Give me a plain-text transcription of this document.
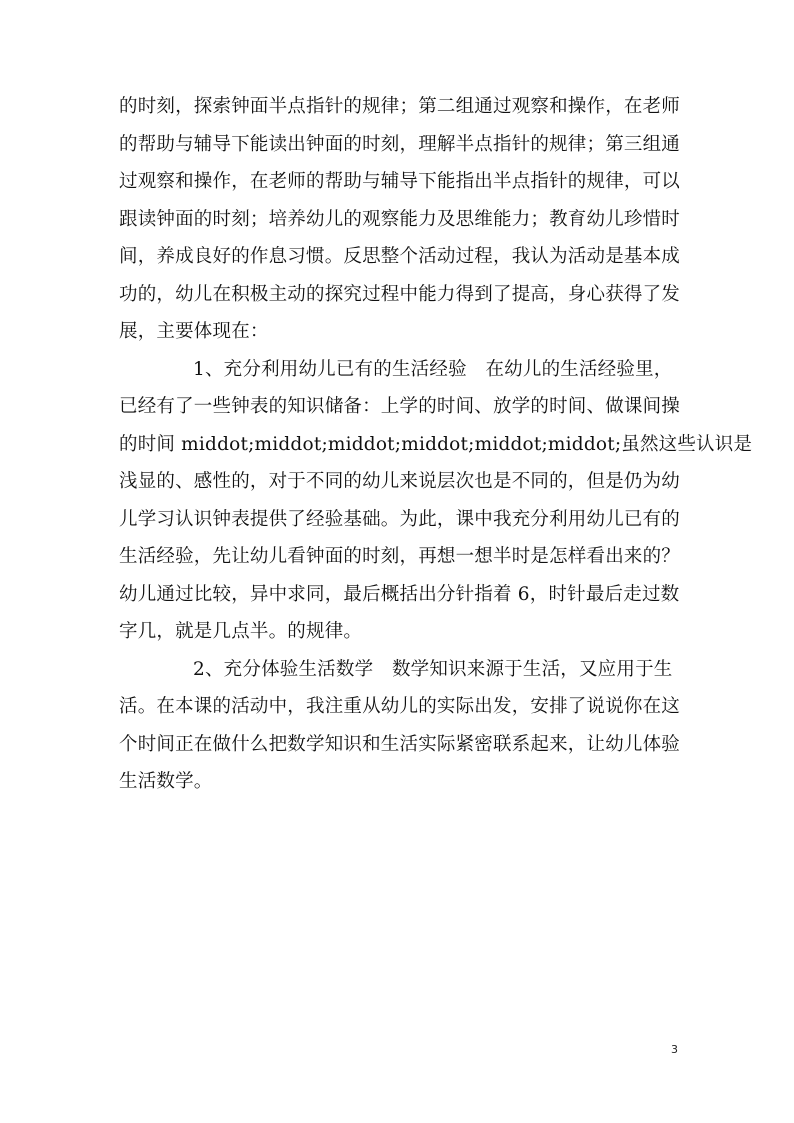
的时刻，探索钟面半点指针的规律；第二组通过观察和操作，在老师
的帮助与辅导下能读出钟面的时刻，理解半点指针的规律；第三组通
过观察和操作，在老师的帮助与辅导下能指出半点指针的规律，可以
跟读钟面的时刻；培养幼儿的观察能力及思维能力；教育幼儿珍惜时
间，养成良好的作息习惯。反思整个活动过程，我认为活动是基本成
功的，幼儿在积极主动的探究过程中能力得到了提高，身心获得了发
展，主要体现在：
1、充分利用幼儿已有的生活经验　在幼儿的生活经验里，
已经有了一些钟表的知识储备：上学的时间、放学的时间、做课间操
的时间 middot;middot;middot;middot;middot;middot;虽然这些认识是
浅显的、感性的，对于不同的幼儿来说层次也是不同的，但是仍为幼
儿学习认识钟表提供了经验基础。为此，课中我充分利用幼儿已有的
生活经验，先让幼儿看钟面的时刻，再想一想半时是怎样看出来的？
幼儿通过比较，异中求同，最后概括出分针指着 6，时针最后走过数
字几，就是几点半。的规律。
2、充分体验生活数学　数学知识来源于生活，又应用于生
活。在本课的活动中，我注重从幼儿的实际出发，安排了说说你在这
个时间正在做什么把数学知识和生活实际紧密联系起来，让幼儿体验
生活数学。
3
